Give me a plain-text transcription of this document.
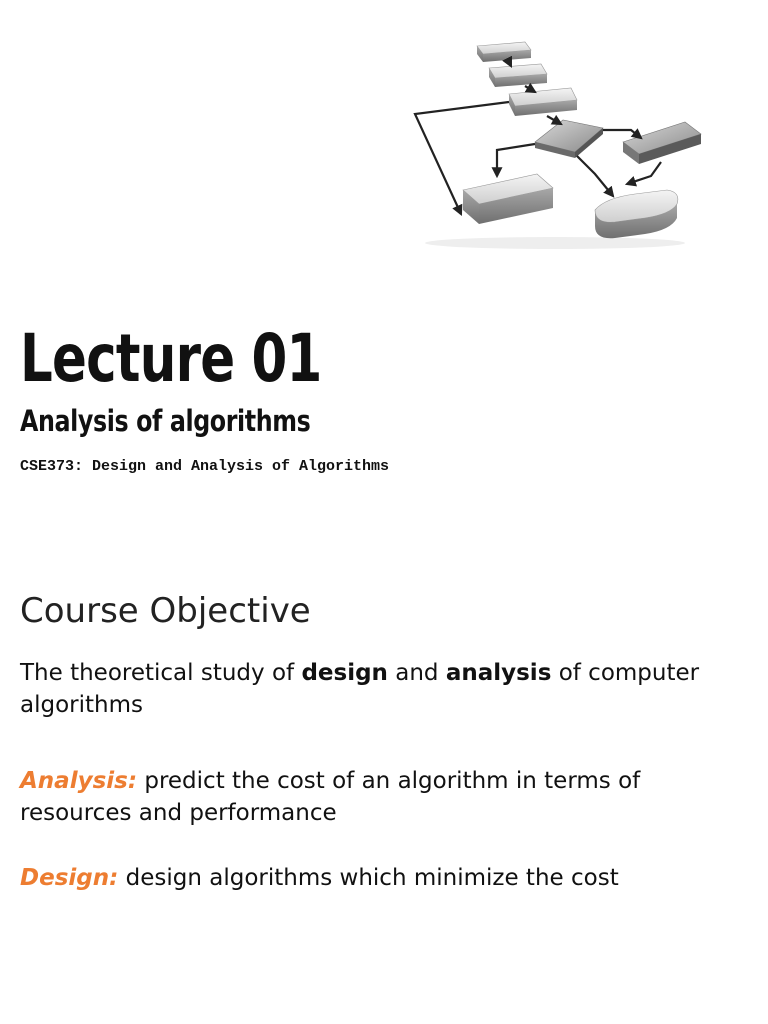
Lecture 01
Analysis of algorithms

CSE373: Design and Analysis of Algorithms

Course Objective

The theoretical study of design and analysis of computer algorithms

Analysis: predict the cost of an algorithm in terms of resources and performance

Design: design algorithms which minimize the cost
